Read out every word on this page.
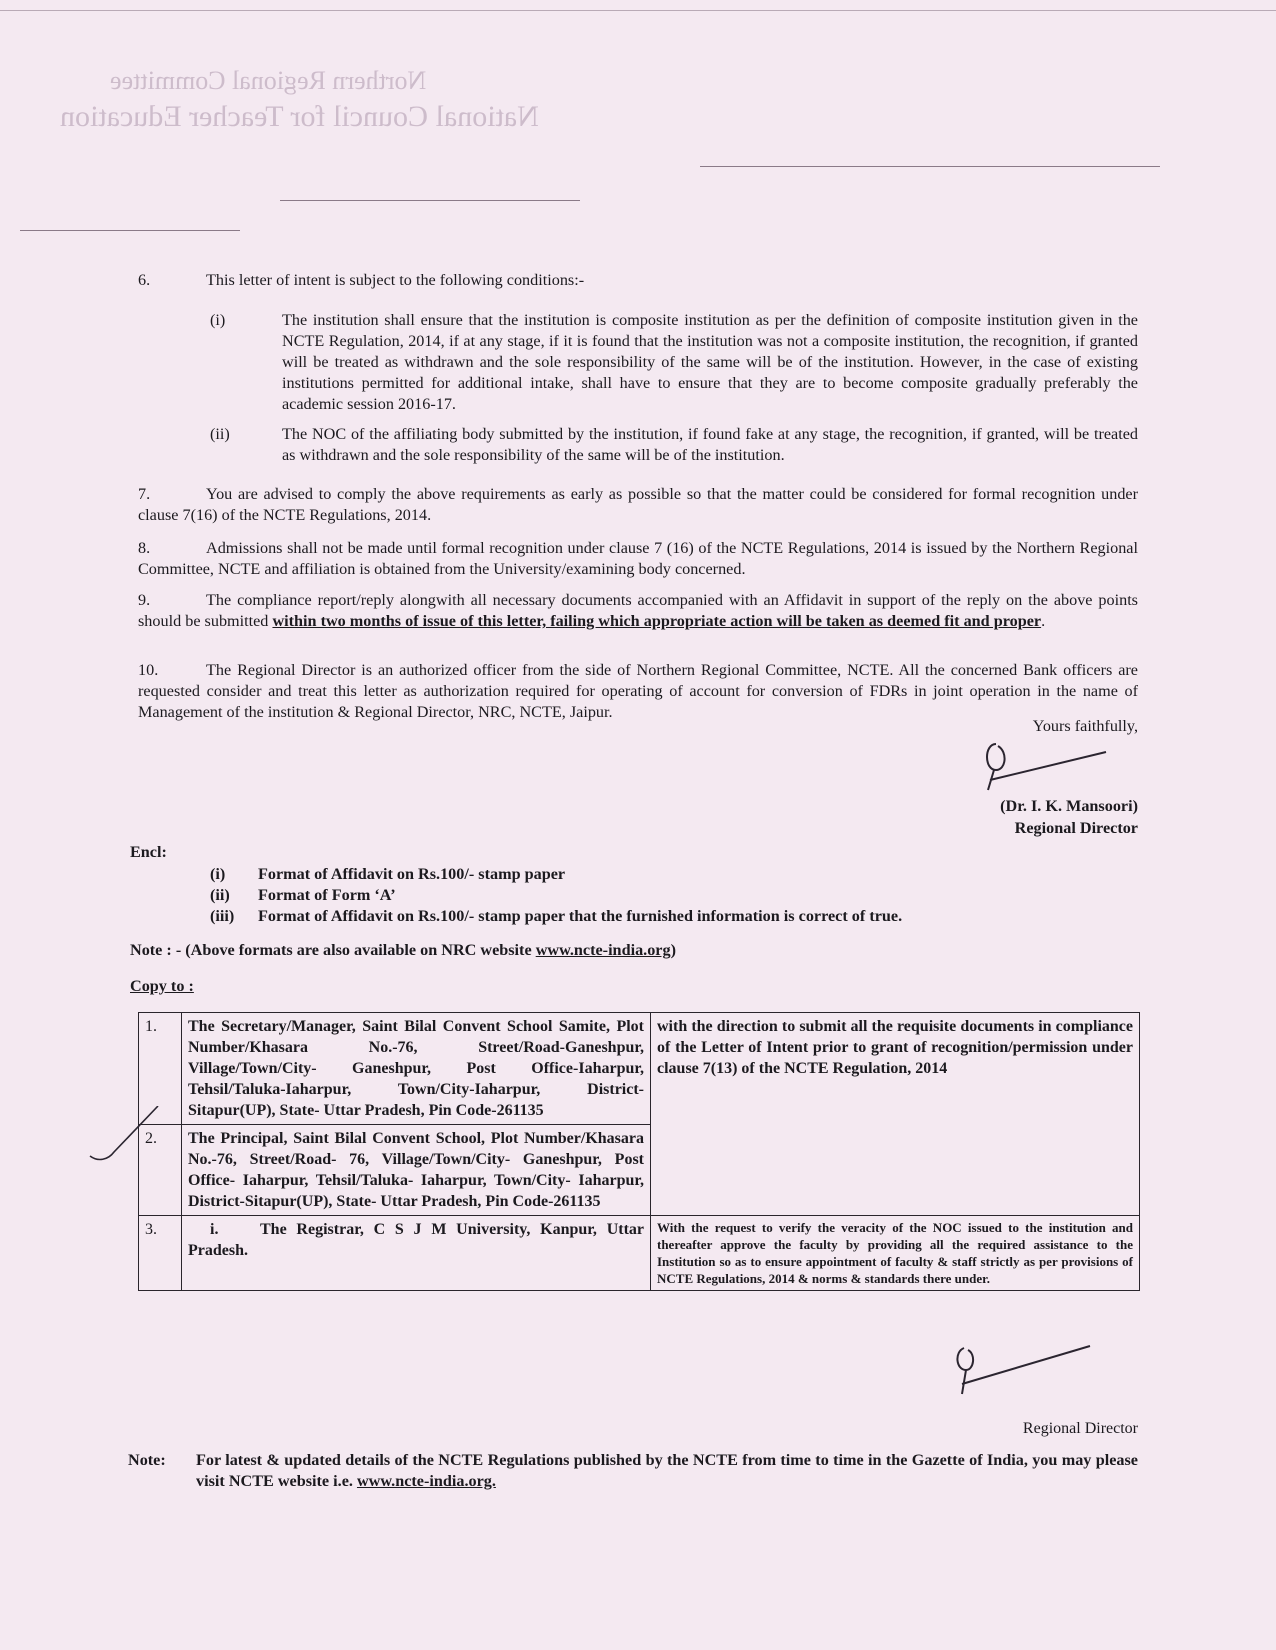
Northern Regional Committee
National Council for Teacher Education
6.	This letter of intent is subject to the following conditions:-
(i)	The institution shall ensure that the institution is composite institution as per the definition of composite institution given in the NCTE Regulation, 2014, if at any stage, if it is found that the institution was not a composite institution, the recognition, if granted will be treated as withdrawn and the sole responsibility of the same will be of the institution. However, in the case of existing institutions permitted for additional intake, shall have to ensure that they are to become composite gradually preferably the academic session 2016-17.
(ii)	The NOC of the affiliating body submitted by the institution, if found fake at any stage, the recognition, if granted, will be treated as withdrawn and the sole responsibility of the same will be of the institution.
7.	You are advised to comply the above requirements as early as possible so that the matter could be considered for formal recognition under clause 7(16) of the NCTE Regulations, 2014.
8.	Admissions shall not be made until formal recognition under clause 7 (16) of the NCTE Regulations, 2014 is issued by the Northern Regional Committee, NCTE and affiliation is obtained from the University/examining body concerned.
9.	The compliance report/reply alongwith all necessary documents accompanied with an Affidavit in support of the reply on the above points should be submitted within two months of issue of this letter, failing which appropriate action will be taken as deemed fit and proper.
10.	The Regional Director is an authorized officer from the side of Northern Regional Committee, NCTE. All the concerned Bank officers are requested consider and treat this letter as authorization required for operating of account for conversion of FDRs in joint operation in the name of Management of the institution & Regional Director, NRC, NCTE, Jaipur.
Yours faithfully,
(Dr. I. K. Mansoori)
Regional Director
Encl:
(i) Format of Affidavit on Rs.100/- stamp paper
(ii) Format of Form ‘A’
(iii) Format of Affidavit on Rs.100/- stamp paper that the furnished information is correct of true.
Note : - (Above formats are also available on NRC website www.ncte-india.org)
Copy to :
1.	The Secretary/Manager, Saint Bilal Convent School Samite, Plot Number/Khasara No.-76, Street/Road-Ganeshpur, Village/Town/City- Ganeshpur, Post Office-Iaharpur, Tehsil/Taluka-Iaharpur, Town/City-Iaharpur, District- Sitapur(UP), State- Uttar Pradesh, Pin Code-261135	with the direction to submit all the requisite documents in compliance of the Letter of Intent prior to grant of recognition/permission under clause 7(13) of the NCTE Regulation, 2014
2.	The Principal, Saint Bilal Convent School, Plot Number/Khasara No.-76, Street/Road- 76, Village/Town/City- Ganeshpur, Post Office- Iaharpur, Tehsil/Taluka- Iaharpur, Town/City- Iaharpur, District-Sitapur(UP), State- Uttar Pradesh, Pin Code-261135	
3.	i. The Registrar, C S J M University, Kanpur, Uttar Pradesh.	With the request to verify the veracity of the NOC issued to the institution and thereafter approve the faculty by providing all the required assistance to the Institution so as to ensure appointment of faculty & staff strictly as per provisions of NCTE Regulations, 2014 & norms & standards there under.
Regional Director
Note: For latest & updated details of the NCTE Regulations published by the NCTE from time to time in the Gazette of India, you may please visit NCTE website i.e. www.ncte-india.org.
